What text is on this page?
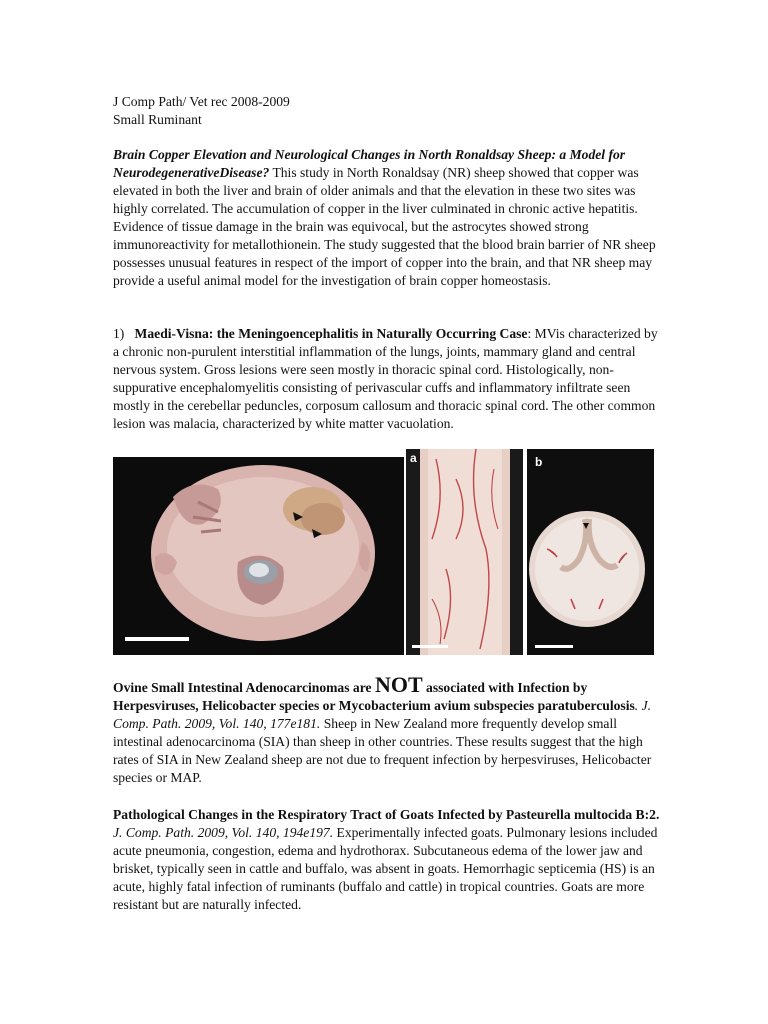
J Comp Path/ Vet rec 2008-2009
Small Ruminant
Brain Copper Elevation and Neurological Changes in North Ronaldsay Sheep: a Model for NeurodegenerativeDisease? This study in North Ronaldsay (NR) sheep showed that copper was elevated in both the liver and brain of older animals and that the elevation in these two sites was highly correlated. The accumulation of copper in the liver culminated in chronic active hepatitis. Evidence of tissue damage in the brain was equivocal, but the astrocytes showed strong immunoreactivity for metallothionein. The study suggested that the blood brain barrier of NR sheep possesses unusual features in respect of the import of copper into the brain, and that NR sheep may provide a useful animal model for the investigation of brain copper homeostasis.
1) Maedi-Visna: the Meningoencephalitis in Naturally Occurring Case: MVis characterized by a chronic non-purulent interstitial inflammation of the lungs, joints, mammary gland and central nervous system. Gross lesions were seen mostly in thoracic spinal cord. Histologically, non-suppurative encephalomyelitis consisting of perivascular cuffs and inflammatory infiltrate seen mostly in the cerebellar peduncles, corposum callosum and thoracic spinal cord. The other common lesion was malacia, characterized by white matter vacuolation.
a	b
Ovine Small Intestinal Adenocarcinomas are NOT associated with Infection by Herpesviruses, Helicobacter species or Mycobacterium avium subspecies paratuberculosis. J. Comp. Path. 2009, Vol. 140, 177e181. Sheep in New Zealand more frequently develop small intestinal adenocarcinoma (SIA) than sheep in other countries. These results suggest that the high rates of SIA in New Zealand sheep are not due to frequent infection by herpesviruses, Helicobacter species or MAP.
Pathological Changes in the Respiratory Tract of Goats Infected by Pasteurella multocida B:2. J. Comp. Path. 2009, Vol. 140, 194e197. Experimentally infected goats. Pulmonary lesions included acute pneumonia, congestion, edema and hydrothorax. Subcutaneous edema of the lower jaw and brisket, typically seen in cattle and buffalo, was absent in goats. Hemorrhagic septicemia (HS) is an acute, highly fatal infection of ruminants (buffalo and cattle) in tropical countries. Goats are more resistant but are naturally infected.
